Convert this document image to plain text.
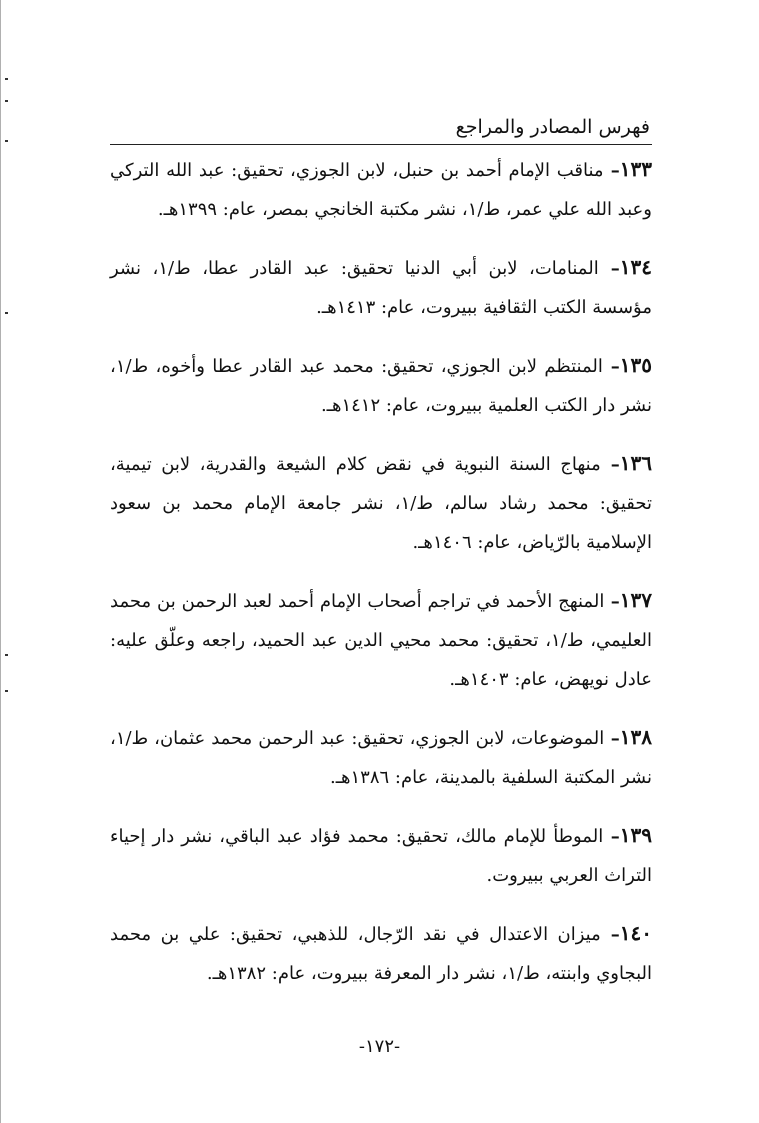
فهرس المصادر والمراجع
١٣٣– مناقب الإمام أحمد بن حنبل، لابن الجوزي، تحقيق: عبد الله التركي وعبد الله علي عمر، ط/١، نشر مكتبة الخانجي بمصر، عام: ١٣٩٩هـ.
١٣٤– المنامات، لابن أبي الدنيا تحقيق: عبد القادر عطا، ط/١، نشر مؤسسة الكتب الثقافية ببيروت، عام: ١٤١٣هـ.
١٣٥– المنتظم لابن الجوزي، تحقيق: محمد عبد القادر عطا وأخوه، ط/١، نشر دار الكتب العلمية ببيروت، عام: ١٤١٢هـ.
١٣٦– منهاج السنة النبوية في نقض كلام الشيعة والقدرية، لابن تيمية، تحقيق: محمد رشاد سالم، ط/١، نشر جامعة الإمام محمد بن سعود الإسلامية بالرّياض، عام: ١٤٠٦هـ.
١٣٧– المنهج الأحمد في تراجم أصحاب الإمام أحمد لعبد الرحمن بن محمد العليمي، ط/١، تحقيق: محمد محيي الدين عبد الحميد، راجعه وعلّق عليه: عادل نويهض، عام: ١٤٠٣هـ.
١٣٨– الموضوعات، لابن الجوزي، تحقيق: عبد الرحمن محمد عثمان، ط/١، نشر المكتبة السلفية بالمدينة، عام: ١٣٨٦هـ.
١٣٩– الموطأ للإمام مالك، تحقيق: محمد فؤاد عبد الباقي، نشر دار إحياء التراث العربي ببيروت.
١٤٠– ميزان الاعتدال في نقد الرّجال، للذهبي، تحقيق: علي بن محمد البجاوي وابنته، ط/١، نشر دار المعرفة ببيروت، عام: ١٣٨٢هـ.
-١٧٢-
